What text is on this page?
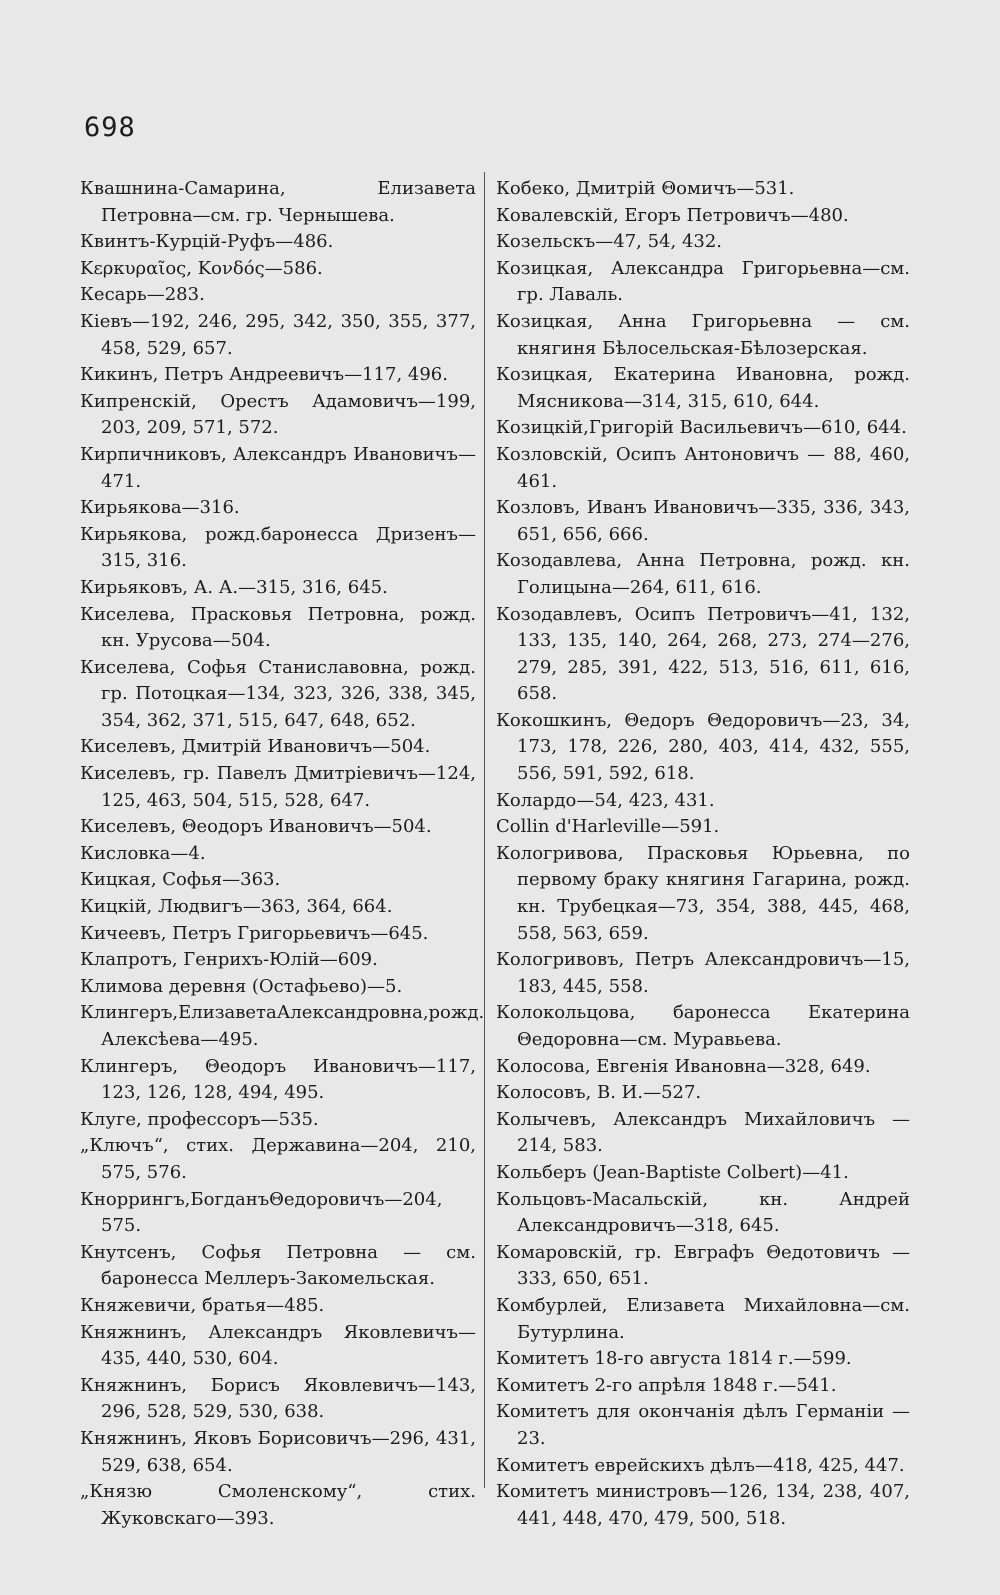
698

Квашнина-Самарина, Елизавета Петровна—см. гр. Чернышева.

Квинтъ-Курцій-Руфъ—486.

Κερκυραῖος, Κονδός—586.

Кесарь—283.

Кіевъ—192, 246, 295, 342, 350, 355, 377, 458, 529, 657.

Кикинъ, Петръ Андреевичъ—117, 496.

Кипренскій, Орестъ Адамовичъ—199, 203, 209, 571, 572.

Кирпичниковъ, Александръ Ивановичъ—471.

Кирьякова—316.

Кирьякова, рожд.баронесса Дризенъ—315, 316.

Кирьяковъ, А. А.—315, 316, 645.

Киселева, Прасковья Петровна, рожд. кн. Урусова—504.

Киселева, Софья Станиславовна, рожд. гр. Потоцкая—134, 323, 326, 338, 345, 354, 362, 371, 515, 647, 648, 652.

Киселевъ, Дмитрій Ивановичъ—504.

Киселевъ, гр. Павелъ Дмитріевичъ—124, 125, 463, 504, 515, 528, 647.

Киселевъ, Θеодоръ Ивановичъ—504.

Кисловка—4.

Кицкая, Софья—363.

Кицкій, Людвигъ—363, 364, 664.

Кичеевъ, Петръ Григорьевичъ—645.

Клапротъ, Генрихъ-Юлій—609.

Климова деревня (Остафьево)—5.

Клингеръ,ЕлизаветаАлександровна,рожд. Алексѣева—495.

Клингеръ, Θеодоръ Ивановичъ—117, 123, 126, 128, 494, 495.

Клуге, профессоръ—535.

„Ключъ“, стих. Державина—204, 210, 575, 576.

Кноррингъ,БогданъΘедоровичъ—204, 575.

Кнутсенъ, Софья Петровна — см. баронесса Меллеръ-Закомельская.

Княжевичи, братья—485.

Княжнинъ, Александръ Яковлевичъ—435, 440, 530, 604.

Княжнинъ, Борисъ Яковлевичъ—143, 296, 528, 529, 530, 638.

Княжнинъ, Яковъ Борисовичъ—296, 431, 529, 638, 654.

„Князю Смоленскому“, стих. Жуковскаго—393.

Кобеко, Дмитрій Θомичъ—531.

Ковалевскій, Егоръ Петровичъ—480.

Козельскъ—47, 54, 432.

Козицкая, Александра Григорьевна—см. гр. Лаваль.

Козицкая, Анна Григорьевна — см. княгиня Бѣлосельская-Бѣлозерская.

Козицкая, Екатерина Ивановна, рожд. Мясникова—314, 315, 610, 644.

Козицкій,Григорій Васильевичъ—610, 644.

Козловскій, Осипъ Антоновичъ — 88, 460, 461.

Козловъ, Иванъ Ивановичъ—335, 336, 343, 651, 656, 666.

Козодавлева, Анна Петровна, рожд. кн. Голицына—264, 611, 616.

Козодавлевъ, Осипъ Петровичъ—41, 132, 133, 135, 140, 264, 268, 273, 274—276, 279, 285, 391, 422, 513, 516, 611, 616, 658.

Кокошкинъ, Θедоръ Θедоровичъ—23, 34, 173, 178, 226, 280, 403, 414, 432, 555, 556, 591, 592, 618.

Колардо—54, 423, 431.

Collin d'Harleville—591.

Кологривова, Прасковья Юрьевна, по первому браку княгиня Гагарина, рожд. кн. Трубецкая—73, 354, 388, 445, 468, 558, 563, 659.

Кологривовъ, Петръ Александровичъ—15, 183, 445, 558.

Колокольцова, баронесса Екатерина Θедоровна—см. Муравьева.

Колосова, Евгенія Ивановна—328, 649.

Колосовъ, В. И.—527.

Колычевъ, Александръ Михайловичъ — 214, 583.

Кольберъ (Jean-Baptiste Colbert)—41.

Кольцовъ-Масальскій, кн. Андрей Александровичъ—318, 645.

Комаровскій, гр. Евграфъ Θедотовичъ — 333, 650, 651.

Комбурлей, Елизавета Михайловна—см. Бутурлина.

Комитетъ 18-го августа 1814 г.—599.

Комитетъ 2-го апрѣля 1848 г.—541.

Комитетъ для окончанія дѣлъ Германіи — 23.

Комитетъ еврейскихъ дѣлъ—418, 425, 447.

Комитетъ министровъ—126, 134, 238, 407, 441, 448, 470, 479, 500, 518.
